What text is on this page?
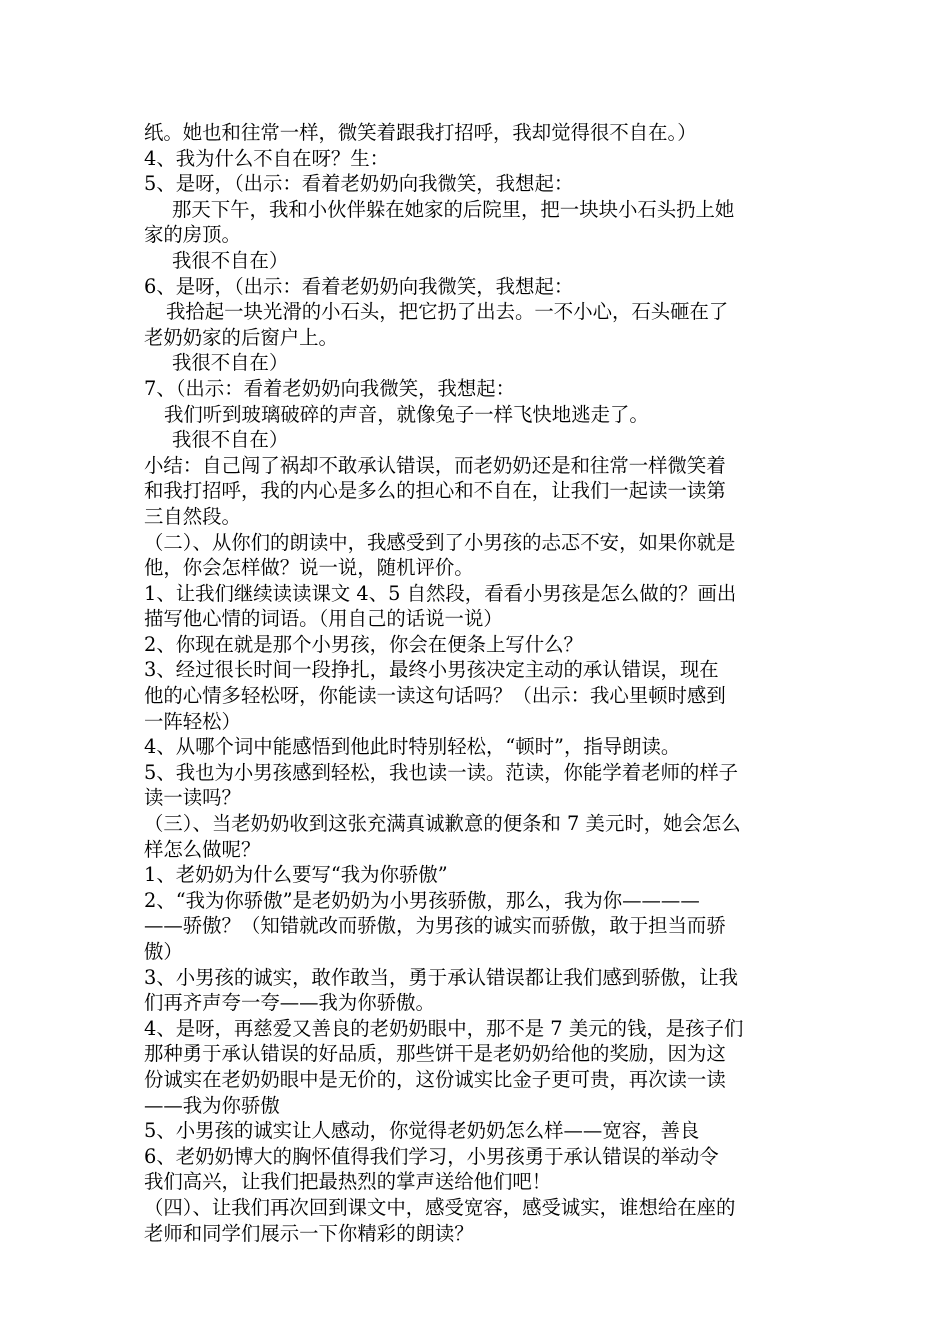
纸。她也和往常一样，微笑着跟我打招呼，我却觉得很不自在。）
4、我为什么不自在呀？生：
5、是呀，（出示：看着老奶奶向我微笑，我想起：
那天下午，我和小伙伴躲在她家的后院里，把一块块小石头扔上她
家的房顶。
我很不自在）
6、是呀，（出示：看着老奶奶向我微笑，我想起：
我拾起一块光滑的小石头，把它扔了出去。一不小心，石头砸在了
老奶奶家的后窗户上。
我很不自在）
7、（出示：看着老奶奶向我微笑，我想起：
我们听到玻璃破碎的声音，就像兔子一样飞快地逃走了。
我很不自在）
小结：自己闯了祸却不敢承认错误，而老奶奶还是和往常一样微笑着
和我打招呼，我的内心是多么的担心和不自在，让我们一起读一读第
三自然段。
（二）、从你们的朗读中，我感受到了小男孩的忐忑不安，如果你就是
他，你会怎样做？说一说，随机评价。
1、让我们继续读读课文 4、5 自然段，看看小男孩是怎么做的？画出
描写他心情的词语。（用自己的话说一说）
2、你现在就是那个小男孩，你会在便条上写什么？
3、经过很长时间一段挣扎，最终小男孩决定主动的承认错误，现在
他的心情多轻松呀，你能读一读这句话吗？（出示：我心里顿时感到
一阵轻松）
4、从哪个词中能感悟到他此时特别轻松，“顿时”，指导朗读。
5、我也为小男孩感到轻松，我也读一读。范读，你能学着老师的样子
读一读吗？
（三）、当老奶奶收到这张充满真诚歉意的便条和 7 美元时，她会怎么
样怎么做呢？
1、老奶奶为什么要写“我为你骄傲”
2、“我为你骄傲”是老奶奶为小男孩骄傲，那么，我为你————
——骄傲？（知错就改而骄傲，为男孩的诚实而骄傲，敢于担当而骄
傲）
3、小男孩的诚实，敢作敢当，勇于承认错误都让我们感到骄傲，让我
们再齐声夸一夸——我为你骄傲。
4、是呀，再慈爱又善良的老奶奶眼中，那不是 7 美元的钱，是孩子们
那种勇于承认错误的好品质，那些饼干是老奶奶给他的奖励，因为这
份诚实在老奶奶眼中是无价的，这份诚实比金子更可贵，再次读一读
——我为你骄傲
5、小男孩的诚实让人感动，你觉得老奶奶怎么样——宽容，善良
6、老奶奶博大的胸怀值得我们学习，小男孩勇于承认错误的举动令
我们高兴，让我们把最热烈的掌声送给他们吧！
（四）、让我们再次回到课文中，感受宽容，感受诚实，谁想给在座的
老师和同学们展示一下你精彩的朗读？
